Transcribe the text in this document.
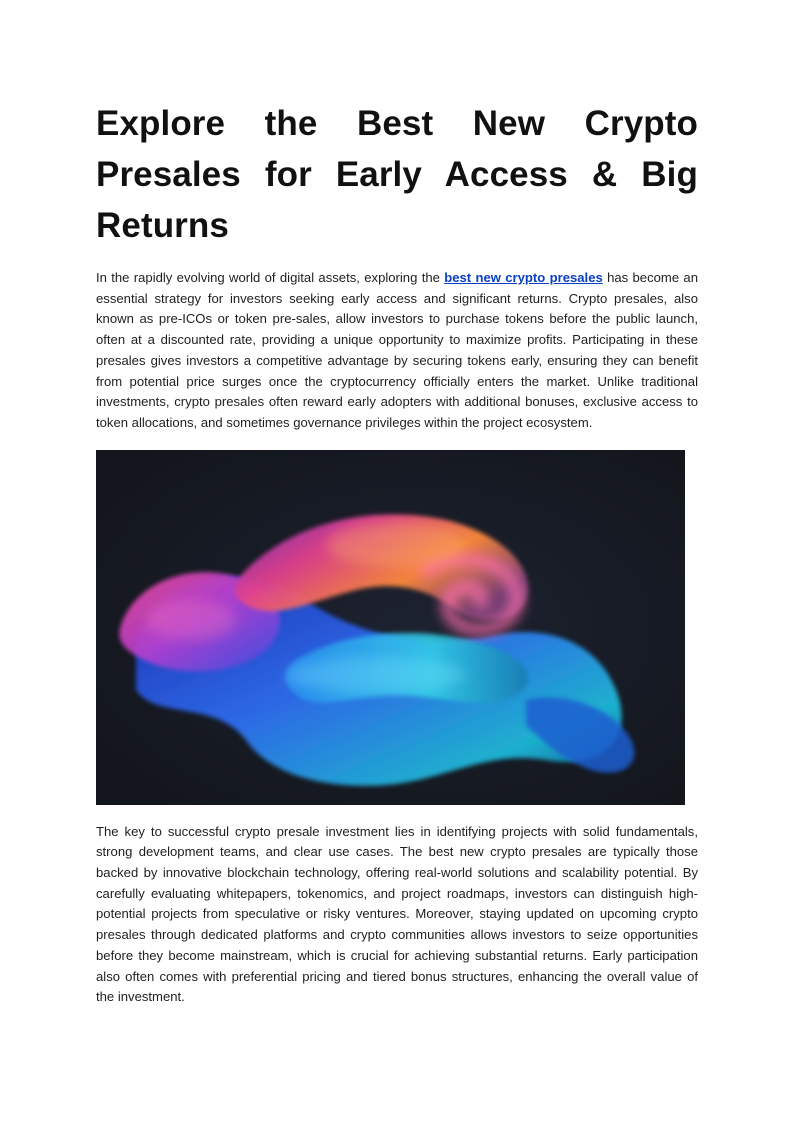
Explore the Best New Crypto Presales for Early Access & Big Returns

In the rapidly evolving world of digital assets, exploring the best new crypto presales has become an essential strategy for investors seeking early access and significant returns. Crypto presales, also known as pre-ICOs or token pre-sales, allow investors to purchase tokens before the public launch, often at a discounted rate, providing a unique opportunity to maximize profits. Participating in these presales gives investors a competitive advantage by securing tokens early, ensuring they can benefit from potential price surges once the cryptocurrency officially enters the market. Unlike traditional investments, crypto presales often reward early adopters with additional bonuses, exclusive access to token allocations, and sometimes governance privileges within the project ecosystem.

The key to successful crypto presale investment lies in identifying projects with solid fundamentals, strong development teams, and clear use cases. The best new crypto presales are typically those backed by innovative blockchain technology, offering real-world solutions and scalability potential. By carefully evaluating whitepapers, tokenomics, and project roadmaps, investors can distinguish high-potential projects from speculative or risky ventures. Moreover, staying updated on upcoming crypto presales through dedicated platforms and crypto communities allows investors to seize opportunities before they become mainstream, which is crucial for achieving substantial returns. Early participation also often comes with preferential pricing and tiered bonus structures, enhancing the overall value of the investment.
